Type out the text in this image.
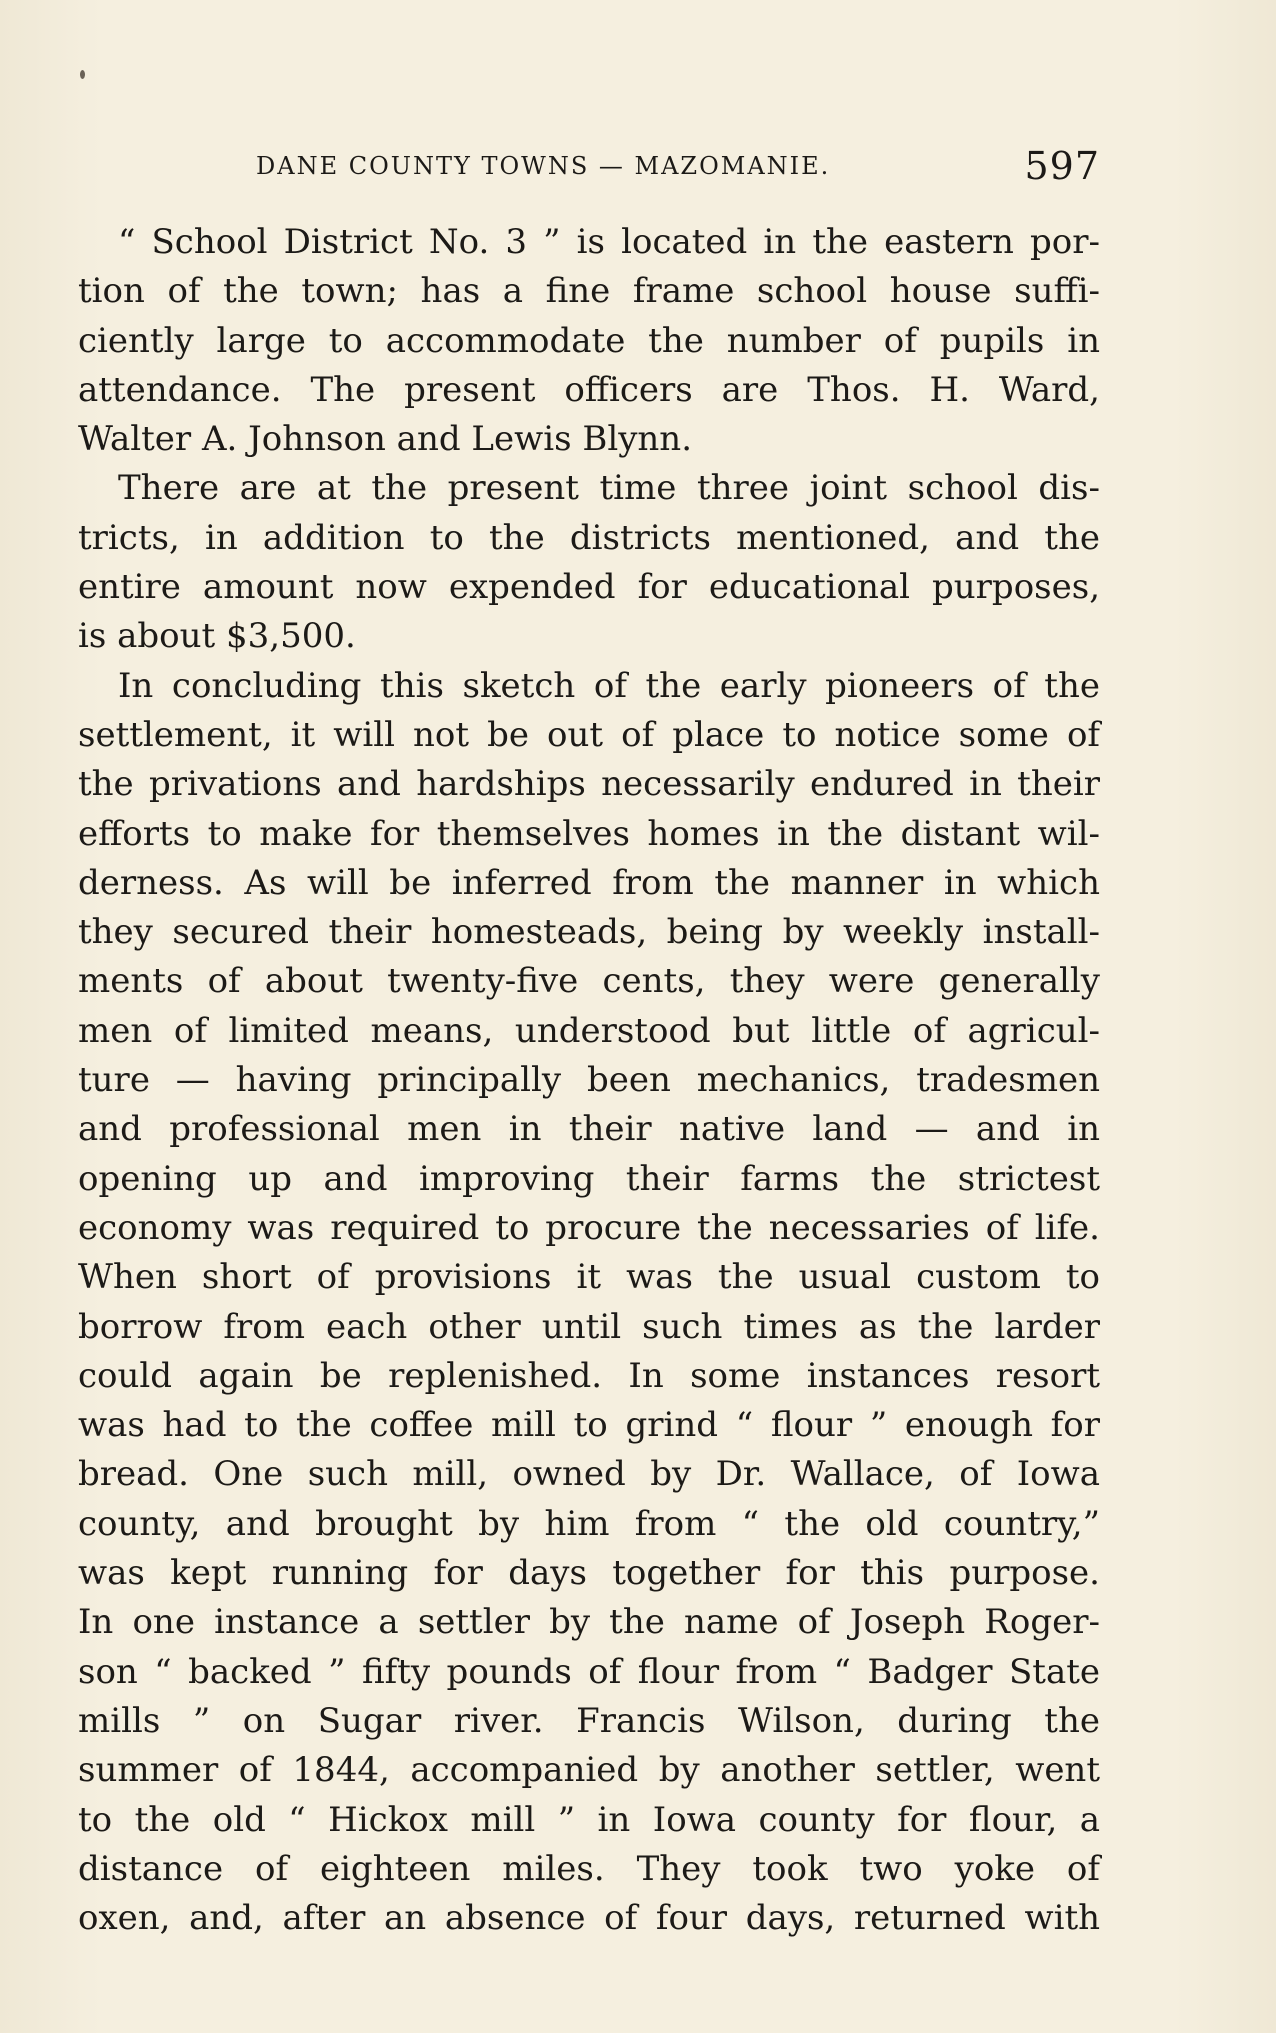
DANE COUNTY TOWNS — MAZOMANIE.	597
“ School District No. 3 ” is located in the eastern por-
tion of the town; has a fine frame school house suffi-
ciently large to accommodate the number of pupils in
attendance. The present officers are Thos. H. Ward,
Walter A. Johnson and Lewis Blynn.
There are at the present time three joint school dis-
tricts, in addition to the districts mentioned, and the
entire amount now expended for educational purposes,
is about $3,500.
In concluding this sketch of the early pioneers of the
settlement, it will not be out of place to notice some of
the privations and hardships necessarily endured in their
efforts to make for themselves homes in the distant wil-
derness. As will be inferred from the manner in which
they secured their homesteads, being by weekly install-
ments of about twenty-five cents, they were generally
men of limited means, understood but little of agricul-
ture — having principally been mechanics, tradesmen
and professional men in their native land — and in
opening up and improving their farms the strictest
economy was required to procure the necessaries of life.
When short of provisions it was the usual custom to
borrow from each other until such times as the larder
could again be replenished. In some instances resort
was had to the coffee mill to grind “ flour ” enough for
bread. One such mill, owned by Dr. Wallace, of Iowa
county, and brought by him from “ the old country,”
was kept running for days together for this purpose.
In one instance a settler by the name of Joseph Roger-
son “ backed ” fifty pounds of flour from “ Badger State
mills ” on Sugar river. Francis Wilson, during the
summer of 1844, accompanied by another settler, went
to the old “ Hickox mill ” in Iowa county for flour, a
distance of eighteen miles. They took two yoke of
oxen, and, after an absence of four days, returned with
